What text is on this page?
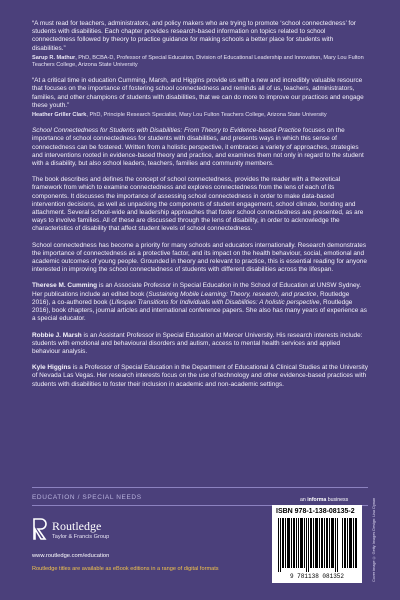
“A must read for teachers, administrators, and policy makers who are trying to promote ‘school connectedness’ for students with disabilities. Each chapter provides research-based information on topics related to school connectedness followed by theory to practice guidance for making schools a better place for students with disabilities.”

Sarup R. Mathur, PhD, BCBA-D, Professor of Special Education, Division of Educational Leadership and Innovation, Mary Lou Fulton Teachers College, Arizona State University

“At a critical time in education Cumming, Marsh, and Higgins provide us with a new and incredibly valuable resource that focuses on the importance of fostering school connectedness and reminds all of us, teachers, administrators, families, and other champions of students with disabilities, that we can do more to improve our practices and engage these youth.”

Heather Griller Clark, PhD, Principle Research Specialist, Mary Lou Fulton Teachers College, Arizona State University

School Connectedness for Students with Disabilities: From Theory to Evidence-based Practice focuses on the importance of school connectedness for students with disabilities, and presents ways in which this sense of connectedness can be fostered. Written from a holistic perspective, it embraces a variety of approaches, strategies and interventions rooted in evidence-based theory and practice, and examines them not only in regard to the student with a disability, but also school leaders, teachers, families and community members.

The book describes and defines the concept of school connectedness, provides the reader with a theoretical framework from which to examine connectedness and explores connectedness from the lens of each of its components. It discusses the importance of assessing school connectedness in order to make data-based intervention decisions, as well as unpacking the components of student engagement, school climate, bonding and attachment. Several school-wide and leadership approaches that foster school connectedness are presented, as are ways to involve families. All of these are discussed through the lens of disability, in order to acknowledge the characteristics of disability that affect student levels of school connectedness.

School connectedness has become a priority for many schools and educators internationally. Research demonstrates the importance of connectedness as a protective factor, and its impact on the health behaviour, social, emotional and academic outcomes of young people. Grounded in theory and relevant to practice, this is essential reading for anyone interested in improving the school connectedness of students with different disabilities across the lifespan.

Therese M. Cumming is an Associate Professor in Special Education in the School of Education at UNSW Sydney. Her publications include an edited book (Sustaining Mobile Learning: Theory, research, and practice, Routledge 2016), a co-authored book (Lifespan Transitions for Individuals with Disabilities: A holistic perspective, Routledge 2016), book chapters, journal articles and international conference papers. She also has many years of experience as a special educator.

Robbie J. Marsh is an Assistant Professor in Special Education at Mercer University. His research interests include: students with emotional and behavioural disorders and autism, access to mental health services and applied behaviour analysis.

Kyle Higgins is a Professor of Special Education in the Department of Educational & Clinical Studies at the University of Nevada Las Vegas. Her research interests focus on the use of technology and other evidence-based practices with students with disabilities to foster their inclusion in academic and non-academic settings.

EDUCATION / SPECIAL NEEDS	an informa business
Routledge
Taylor & Francis Group
www.routledge.com/education
Routledge titles are available as eBook editions in a range of digital formats
ISBN 978-1-138-08135-2
9 781138 081352	Cover image © Getty Images Design: Lisa Dynan
